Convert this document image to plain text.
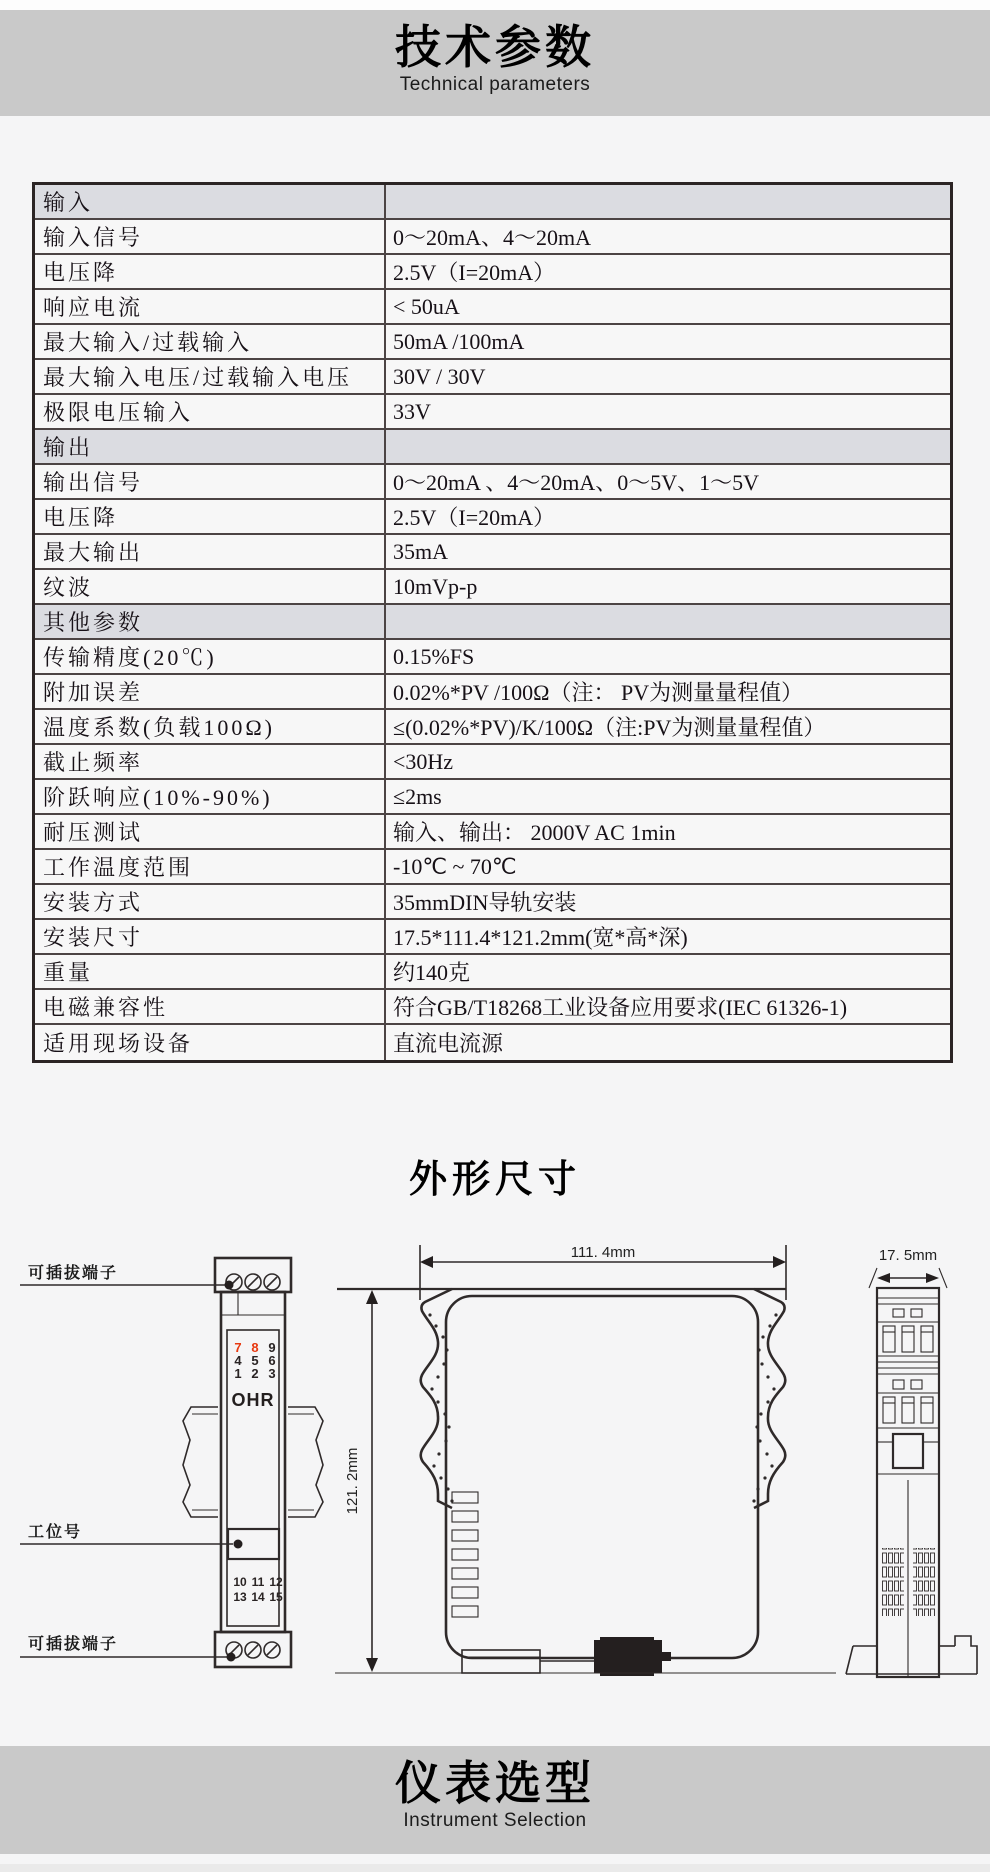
技术参数
Technical parameters
输入
输入信号	0～20mA、4～20mA
电压降	2.5V（I=20mA）
响应电流	< 50uA
最大输入/过载输入	50mA /100mA
最大输入电压/过载输入电压	30V / 30V
极限电压输入	33V
输出
输出信号	0～20mA 、4～20mA、0～5V、1～5V
电压降	2.5V（I=20mA）
最大输出	35mA
纹波	10mVp-p
其他参数
传输精度(20℃)	0.15%FS
附加误差	0.02%*PV /100Ω（注： PV为测量量程值）
温度系数(负载100Ω)	≤(0.02%*PV)/K/100Ω（注:PV为测量量程值）
截止频率	<30Hz
阶跃响应(10%-90%)	≤2ms
耐压测试	输入、输出： 2000V AC 1min
工作温度范围	-10℃ ~ 70℃
安装方式	35mmDIN导轨安装
安装尺寸	17.5*111.4*121.2mm(宽*高*深)
重量	约140克
电磁兼容性	符合GB/T18268工业设备应用要求(IEC 61326-1)
适用现场设备	直流电流源
外形尺寸
7 8 9
4 5 6
1 2 3
OHR
10 11 12
13 14 15
可插拔端子
工位号
可插拔端子
111. 4mm
121. 2mm
17. 5mm
仪表选型
Instrument Selection
